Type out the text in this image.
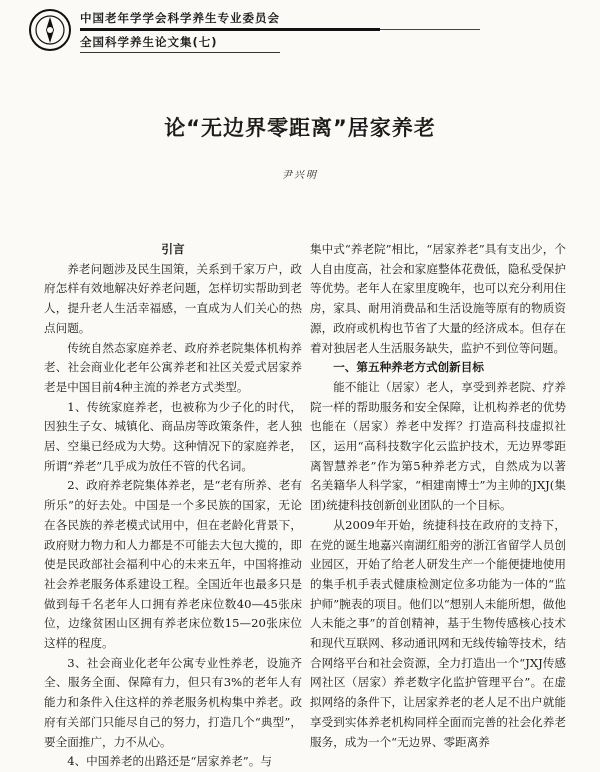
中国老年学学会科学养生专业委员会
全国科学养生论文集(七)
论“无边界零距离”居家养老
尹兴明
引言

养老问题涉及民生国策，关系到千家万户，政府怎样有效地解决好养老问题，怎样切实帮助到老人，提升老人生活幸福感，一直成为人们关心的热点问题。

传统自然态家庭养老、政府养老院集体机构养老、社会商业化老年公寓养老和社区关爱式居家养老是中国目前4种主流的养老方式类型。

1、传统家庭养老，也被称为少子化的时代，因独生子女、城镇化、商品房等政策条件，老人独居、空巢已经成为大势。这种情况下的家庭养老，所谓“养老”几乎成为放任不管的代名词。

2、政府养老院集体养老，是“老有所养、老有所乐”的好去处。中国是一个多民族的国家，无论在各民族的养老模式试用中，但在老龄化背景下，政府财力物力和人力都是不可能去大包大揽的，即使是民政部社会福利中心的未来五年，中国将推动社会养老服务体系建设工程。全国近年也最多只是做到每千名老年人口拥有养老床位数40—45张床位，边缘贫困山区拥有养老床位数15—20张床位这样的程度。

3、社会商业化老年公寓专业性养老，设施齐全、服务全面、保障有力，但只有3%的老年人有能力和条件入住这样的养老服务机构集中养老。政府有关部门只能尽自己的努力，打造几个“典型”，要全面推广，力不从心。

4、中国养老的出路还是“居家养老”。与

集中式“养老院”相比，“居家养老”具有支出少，个人自由度高，社会和家庭整体花费低，隐私受保护等优势。老年人在家里度晚年，也可以充分利用住房，家具、耐用消费品和生活设施等原有的物质资源，政府或机构也节省了大量的经济成本。但存在着对独居老人生活服务缺失，监护不到位等问题。

一、第五种养老方式创新目标

能不能让（居家）老人，享受到养老院、疗养院一样的帮助服务和安全保障，让机构养老的优势也能在（居家）养老中发挥？打造高科技虚拟社区，运用“高科技数字化云监护技术，无边界零距离智慧养老”作为第5种养老方式，自然成为以著名美籍华人科学家，“相建南博士”为主帅的JXJ(集团)统捷科技创新创业团队的一个目标。

从2009年开始，统捷科技在政府的支持下，在党的诞生地嘉兴南湖红船旁的浙江省留学人员创业园区，开始了给老人研发生产一个能便捷地使用的集手机手表式健康检测定位多功能为一体的“监护师”腕表的项目。他们以“想别人未能所想，做他人未能之事”的首创精神，基于生物传感核心技术和现代互联网、移动通讯网和无线传输等技术，结合网络平台和社会资源，全力打造出一个“JXJ传感网社区（居家）养老数字化监护管理平台”。在虚拟网络的条件下，让居家养老的老人足不出户就能享受到实体养老机构同样全面而完善的社会化养老服务，成为一个“无边界、零距离养
